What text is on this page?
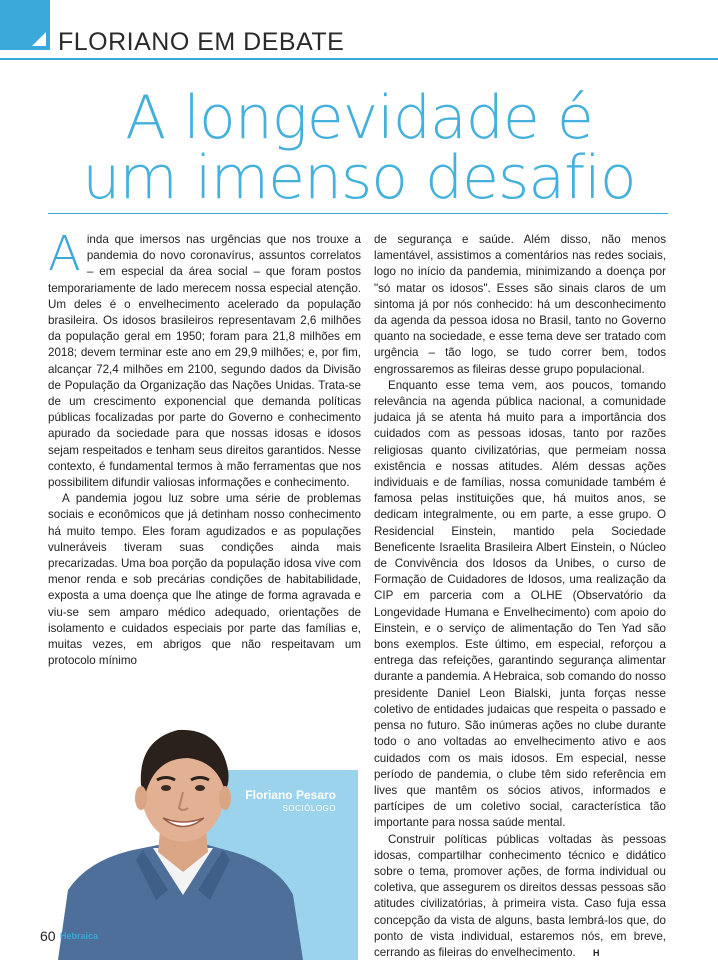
FLORIANO EM DEBATE
A longevidade é
um imenso desafio

Ainda que imersos nas urgências que nos trouxe a pandemia do novo coronavírus, assuntos correlatos – em especial da área social – que foram postos temporariamente de lado merecem nossa especial atenção. Um deles é o envelhecimento acelerado da população brasileira. Os idosos brasileiros representavam 2,6 milhões da população geral em 1950; foram para 21,8 milhões em 2018; devem terminar este ano em 29,9 milhões; e, por fim, alcançar 72,4 milhões em 2100, segundo dados da Divisão de População da Organização das Nações Unidas. Trata-se de um crescimento exponencial que demanda políticas públicas focalizadas por parte do Governo e conhecimento apurado da sociedade para que nossas idosas e idosos sejam respeitados e tenham seus direitos garantidos. Nesse contexto, é fundamental termos à mão ferramentas que nos possibilitem difundir valiosas informações e conhecimento.

A pandemia jogou luz sobre uma série de problemas sociais e econômicos que já detinham nosso conhecimento há muito tempo. Eles foram agudizados e as populações vulneráveis tiveram suas condições ainda mais precarizadas. Uma boa porção da população idosa vive com menor renda e sob precárias condições de habitabilidade, exposta a uma doença que lhe atinge de forma agravada e viu-se sem amparo médico adequado, orientações de isolamento e cuidados especiais por parte das famílias e, muitas vezes, em abrigos que não respeitavam um protocolo mínimo

de segurança e saúde. Além disso, não menos lamentável, assistimos a comentários nas redes sociais, logo no início da pandemia, minimizando a doença por "só matar os idosos". Esses são sinais claros de um sintoma já por nós conhecido: há um desconhecimento da agenda da pessoa idosa no Brasil, tanto no Governo quanto na sociedade, e esse tema deve ser tratado com urgência – tão logo, se tudo correr bem, todos engrossaremos as fileiras desse grupo populacional.

Enquanto esse tema vem, aos poucos, tomando relevância na agenda pública nacional, a comunidade judaica já se atenta há muito para a importância dos cuidados com as pessoas idosas, tanto por razões religiosas quanto civilizatórias, que permeiam nossa existência e nossas atitudes. Além dessas ações individuais e de famílias, nossa comunidade também é famosa pelas instituições que, há muitos anos, se dedicam integralmente, ou em parte, a esse grupo. O Residencial Einstein, mantido pela Sociedade Beneficente Israelita Brasileira Albert Einstein, o Núcleo de Convivência dos Idosos da Unibes, o curso de Formação de Cuidadores de Idosos, uma realização da CIP em parceria com a OLHE (Observatório da Longevidade Humana e Envelhecimento) com apoio do Einstein, e o serviço de alimentação do Ten Yad são bons exemplos. Este último, em especial, reforçou a entrega das refeições, garantindo segurança alimentar durante a pandemia. A Hebraica, sob comando do nosso presidente Daniel Leon Bialski, junta forças nesse coletivo de entidades judaicas que respeita o passado e pensa no futuro. São inúmeras ações no clube durante todo o ano voltadas ao envelhecimento ativo e aos cuidados com os mais idosos. Em especial, nesse período de pandemia, o clube têm sido referência em lives que mantêm os sócios ativos, informados e partícipes de um coletivo social, característica tão importante para nossa saúde mental.

Construir políticas públicas voltadas às pessoas idosas, compartilhar conhecimento técnico e didático sobre o tema, promover ações, de forma individual ou coletiva, que assegurem os direitos dessas pessoas são atitudes civilizatórias, à primeira vista. Caso fuja essa concepção da vista de alguns, basta lembrá-los que, do ponto de vista individual, estaremos nós, em breve, cerrando as fileiras do envelhecimento. H

Floriano Pesaro
SOCIÓLOGO
60 Hebraica
